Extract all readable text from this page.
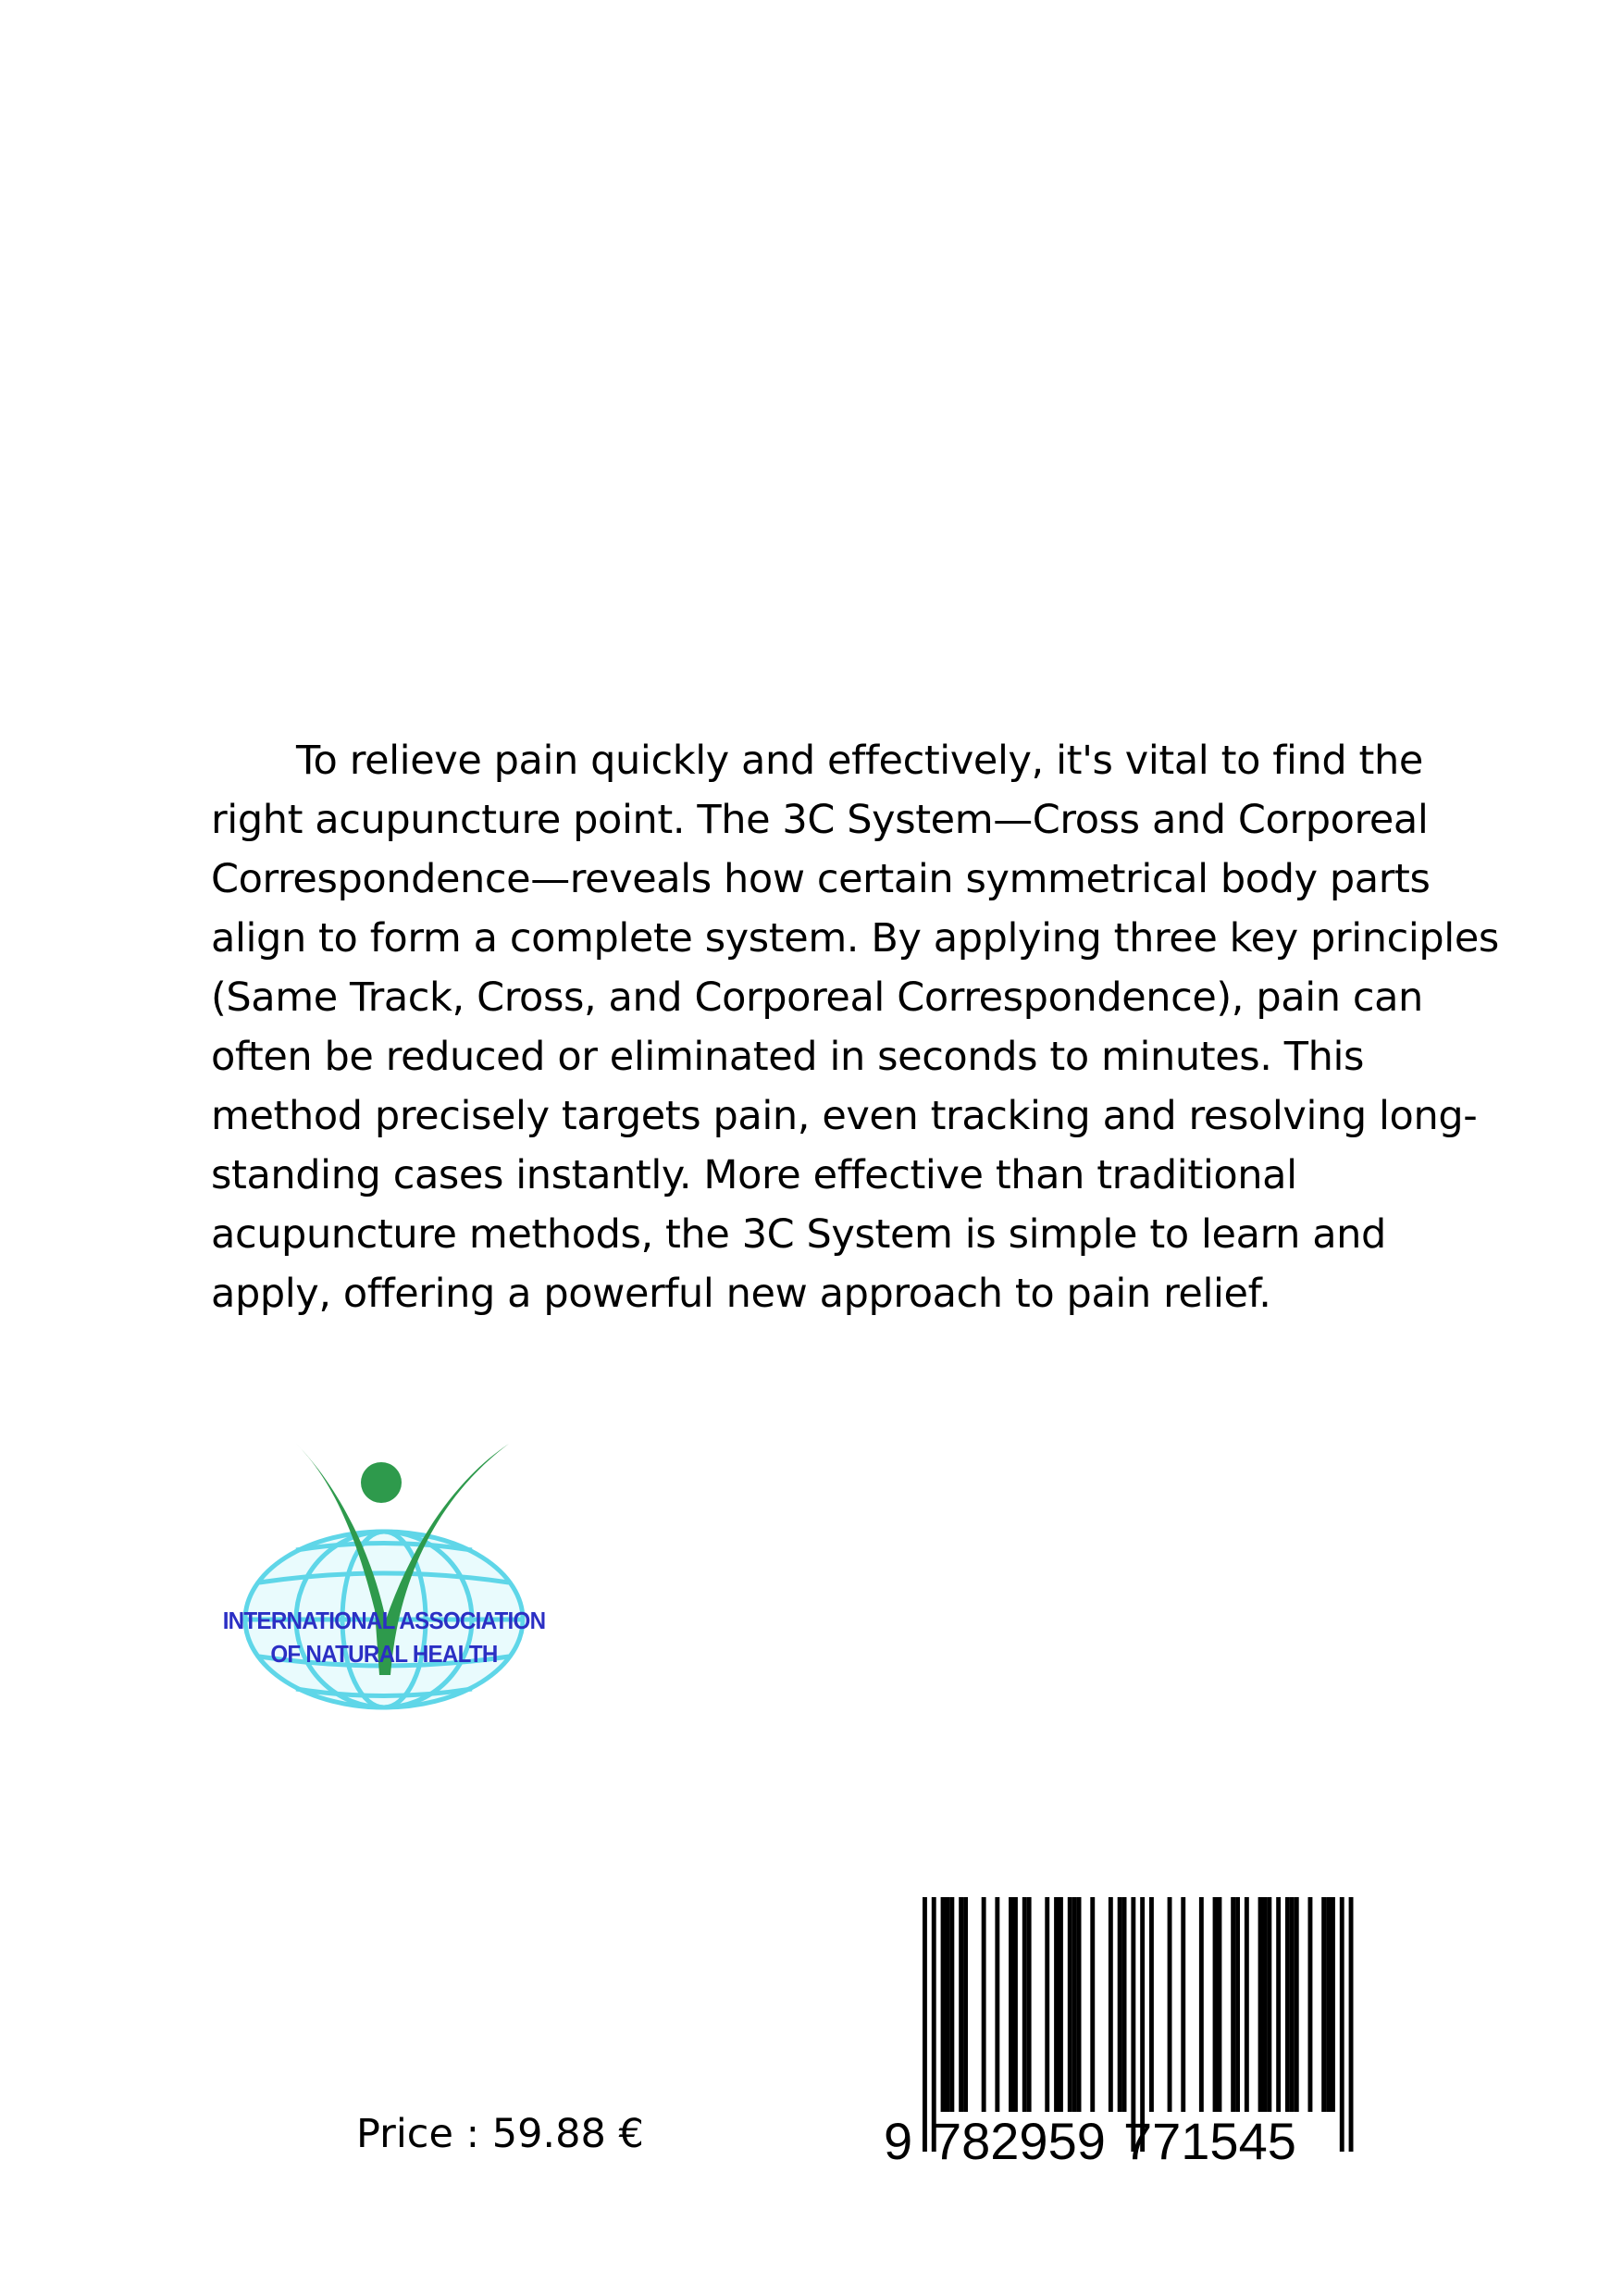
To relieve pain quickly and effectively, it's vital to find the right acupuncture point. The 3C System—Cross and Corporeal Correspondence—reveals how certain symmetrical body parts align to form a complete system. By applying three key principles (Same Track, Cross, and Corporeal Correspondence), pain can often be reduced or eliminated in seconds to minutes. This method precisely targets pain, even tracking and resolving long-standing cases instantly. More effective than traditional acupuncture methods, the 3C System is simple to learn and apply, offering a powerful new approach to pain relief.

INTERNATIONAL ASSOCIATION
OF NATURAL HEALTH
9 782959 771545
Price : 59.88 €
